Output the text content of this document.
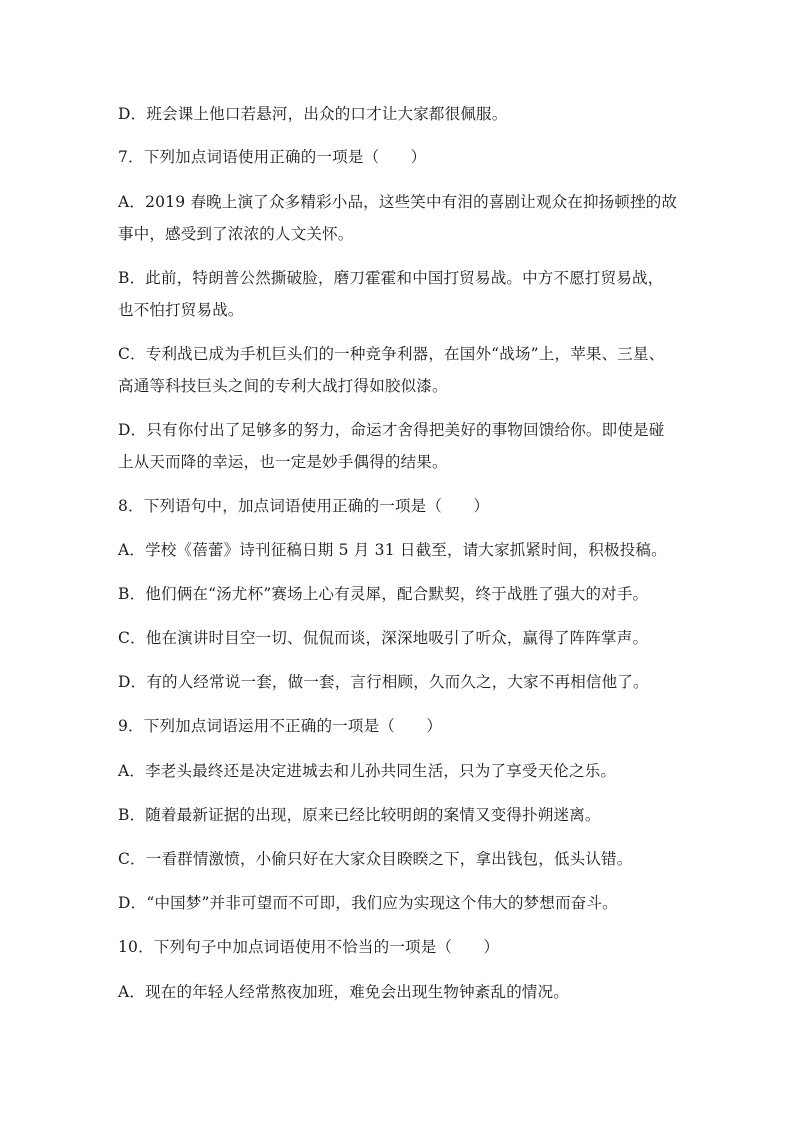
D．班会课上他口若悬河，出众的口才让大家都很佩服。
7．下列加点词语使用正确的一项是（　　）
A．2019 春晚上演了众多精彩小品，这些笑中有泪的喜剧让观众在抑扬顿挫的故
事中，感受到了浓浓的人文关怀。
B．此前，特朗普公然撕破脸，磨刀霍霍和中国打贸易战。中方不愿打贸易战，
也不怕打贸易战。
C．专利战已成为手机巨头们的一种竞争利器，在国外“战场”上，苹果、三星、
高通等科技巨头之间的专利大战打得如胶似漆。
D．只有你付出了足够多的努力，命运才舍得把美好的事物回馈给你。即使是碰
上从天而降的幸运，也一定是妙手偶得的结果。
8．下列语句中，加点词语使用正确的一项是（　　）
A．学校《蓓蕾》诗刊征稿日期 5 月 31 日截至，请大家抓紧时间，积极投稿。
B．他们俩在“汤尤杯”赛场上心有灵犀，配合默契，终于战胜了强大的对手。
C．他在演讲时目空一切、侃侃而谈，深深地吸引了听众，赢得了阵阵掌声。
D．有的人经常说一套，做一套，言行相顾，久而久之，大家不再相信他了。
9．下列加点词语运用不正确的一项是（　　）
A．李老头最终还是决定进城去和儿孙共同生活，只为了享受天伦之乐。
B．随着最新证据的出现，原来已经比较明朗的案情又变得扑朔迷离。
C．一看群情激愤，小偷只好在大家众目睽睽之下，拿出钱包，低头认错。
D．“中国梦”并非可望而不可即，我们应为实现这个伟大的梦想而奋斗。
10．下列句子中加点词语使用不恰当的一项是（　　）
A．现在的年轻人经常熬夜加班，难免会出现生物钟紊乱的情况。
